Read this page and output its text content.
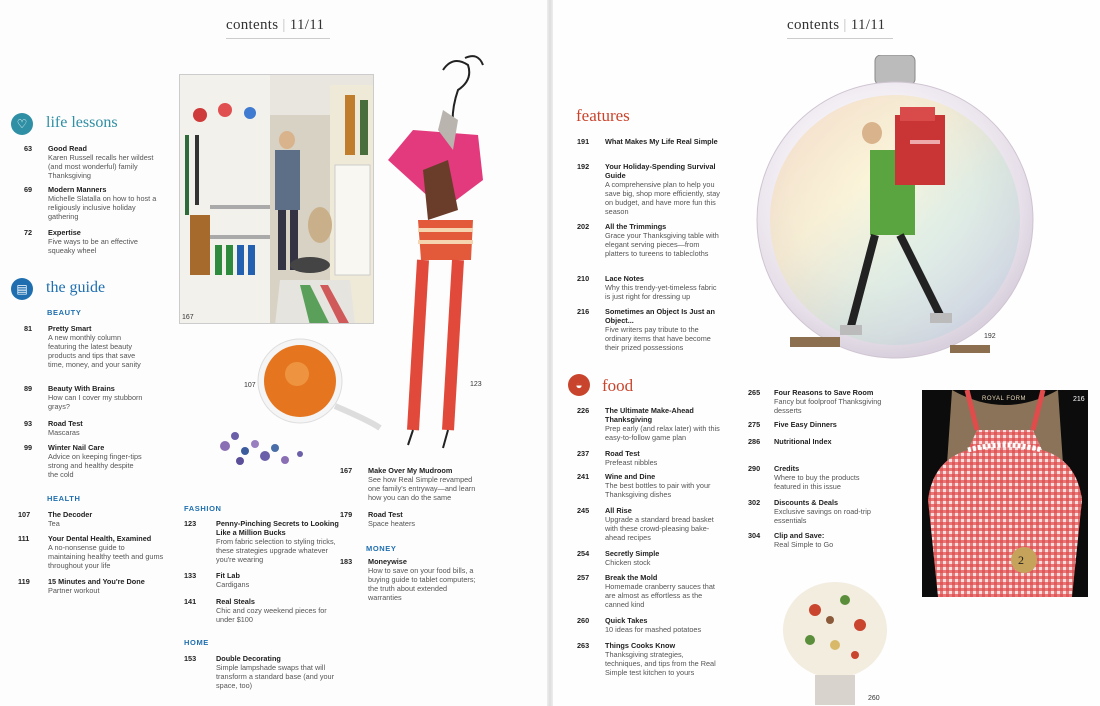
contents | 11/11
♡	life lessons
63 Good Read
Karen Russell recalls her wildest (and most wonderful) family Thanksgiving
69 Modern Manners
Michelle Slatalla on how to host a religiously inclusive holiday gathering
72 Expertise
Five ways to be an effective squeaky wheel
▤	the guide
BEAUTY
81 Pretty Smart
A new monthly column featuring the latest beauty products and tips that save time, money, and your sanity
89 Beauty With Brains
How can I cover my stubborn grays?
93 Road Test
Mascaras
99 Winter Nail Care
Advice on keeping finger-tips strong and healthy despite the cold
HEALTH
107 The Decoder
Tea
111	Your Dental Health, Examined
A no-nonsense guide to maintaining healthy teeth and gums throughout your life
119 15 Minutes and You're Done
Partner workout
FASHION
123	Penny-Pinching Secrets to Looking Like a Million Bucks
From fabric selection to styling tricks, these strategies upgrade whatever you're wearing
133	Fit Lab
Cardigans
141	Real Steals
Chic and cozy weekend pieces for under $100
HOME
153	Double Decorating
Simple lampshade swaps that will transform a standard base (and your space, too)
167 Make Over My Mudroom
See how Real Simple revamped one family's entryway—and learn how you can do the same
179 Road Test
Space heaters
MONEY
183 Moneywise
How to save on your food bills, a buying guide to tablet computers; the truth about extended warranties
167
107	123
contents | 11/11
features
191 What Makes My Life Real Simple
192 Your Holiday-Spending Survival Guide
A comprehensive plan to help you save big, shop more efficiently, stay on budget, and have more fun this season
202 All the Trimmings
Grace your Thanksgiving table with elegant serving pieces—from platters to tureens to tablecloths
210 Lace Notes
Why this trendy-yet-timeless fabric is just right for dressing up
216 Sometimes an Object Is Just an Object...
Five writers pay tribute to the ordinary items that have become their prized possessions
◒	food
226 The Ultimate Make-Ahead Thanksgiving
Prep early (and relax later) with this easy-to-follow game plan
237 Road Test
Prefeast nibbles
241 Wine and Dine
The best bottles to pair with your Thanksgiving dishes
245 All Rise
Upgrade a standard bread basket with these crowd-pleasing bake-ahead recipes
254 Secretly Simple
Chicken stock
257 Break the Mold
Homemade cranberry sauces that are almost as effortless as the canned kind
260 Quick Takes
10 ideas for mashed potatoes
263 Things Cooks Know
Thanksgiving strategies, techniques, and tips from the Real Simple test kitchen to yours
265 Four Reasons to Save Room
Fancy but foolproof Thanksgiving desserts
275 Five Easy Dinners
286 Nutritional Index
290 Credits
Where to buy the products featured in this issue
302 Discounts & Deals
Exclusive savings on road-trip essentials
304 Clip and Save:
Real Simple to Go
192
2
ROYAL FORM	216
260
